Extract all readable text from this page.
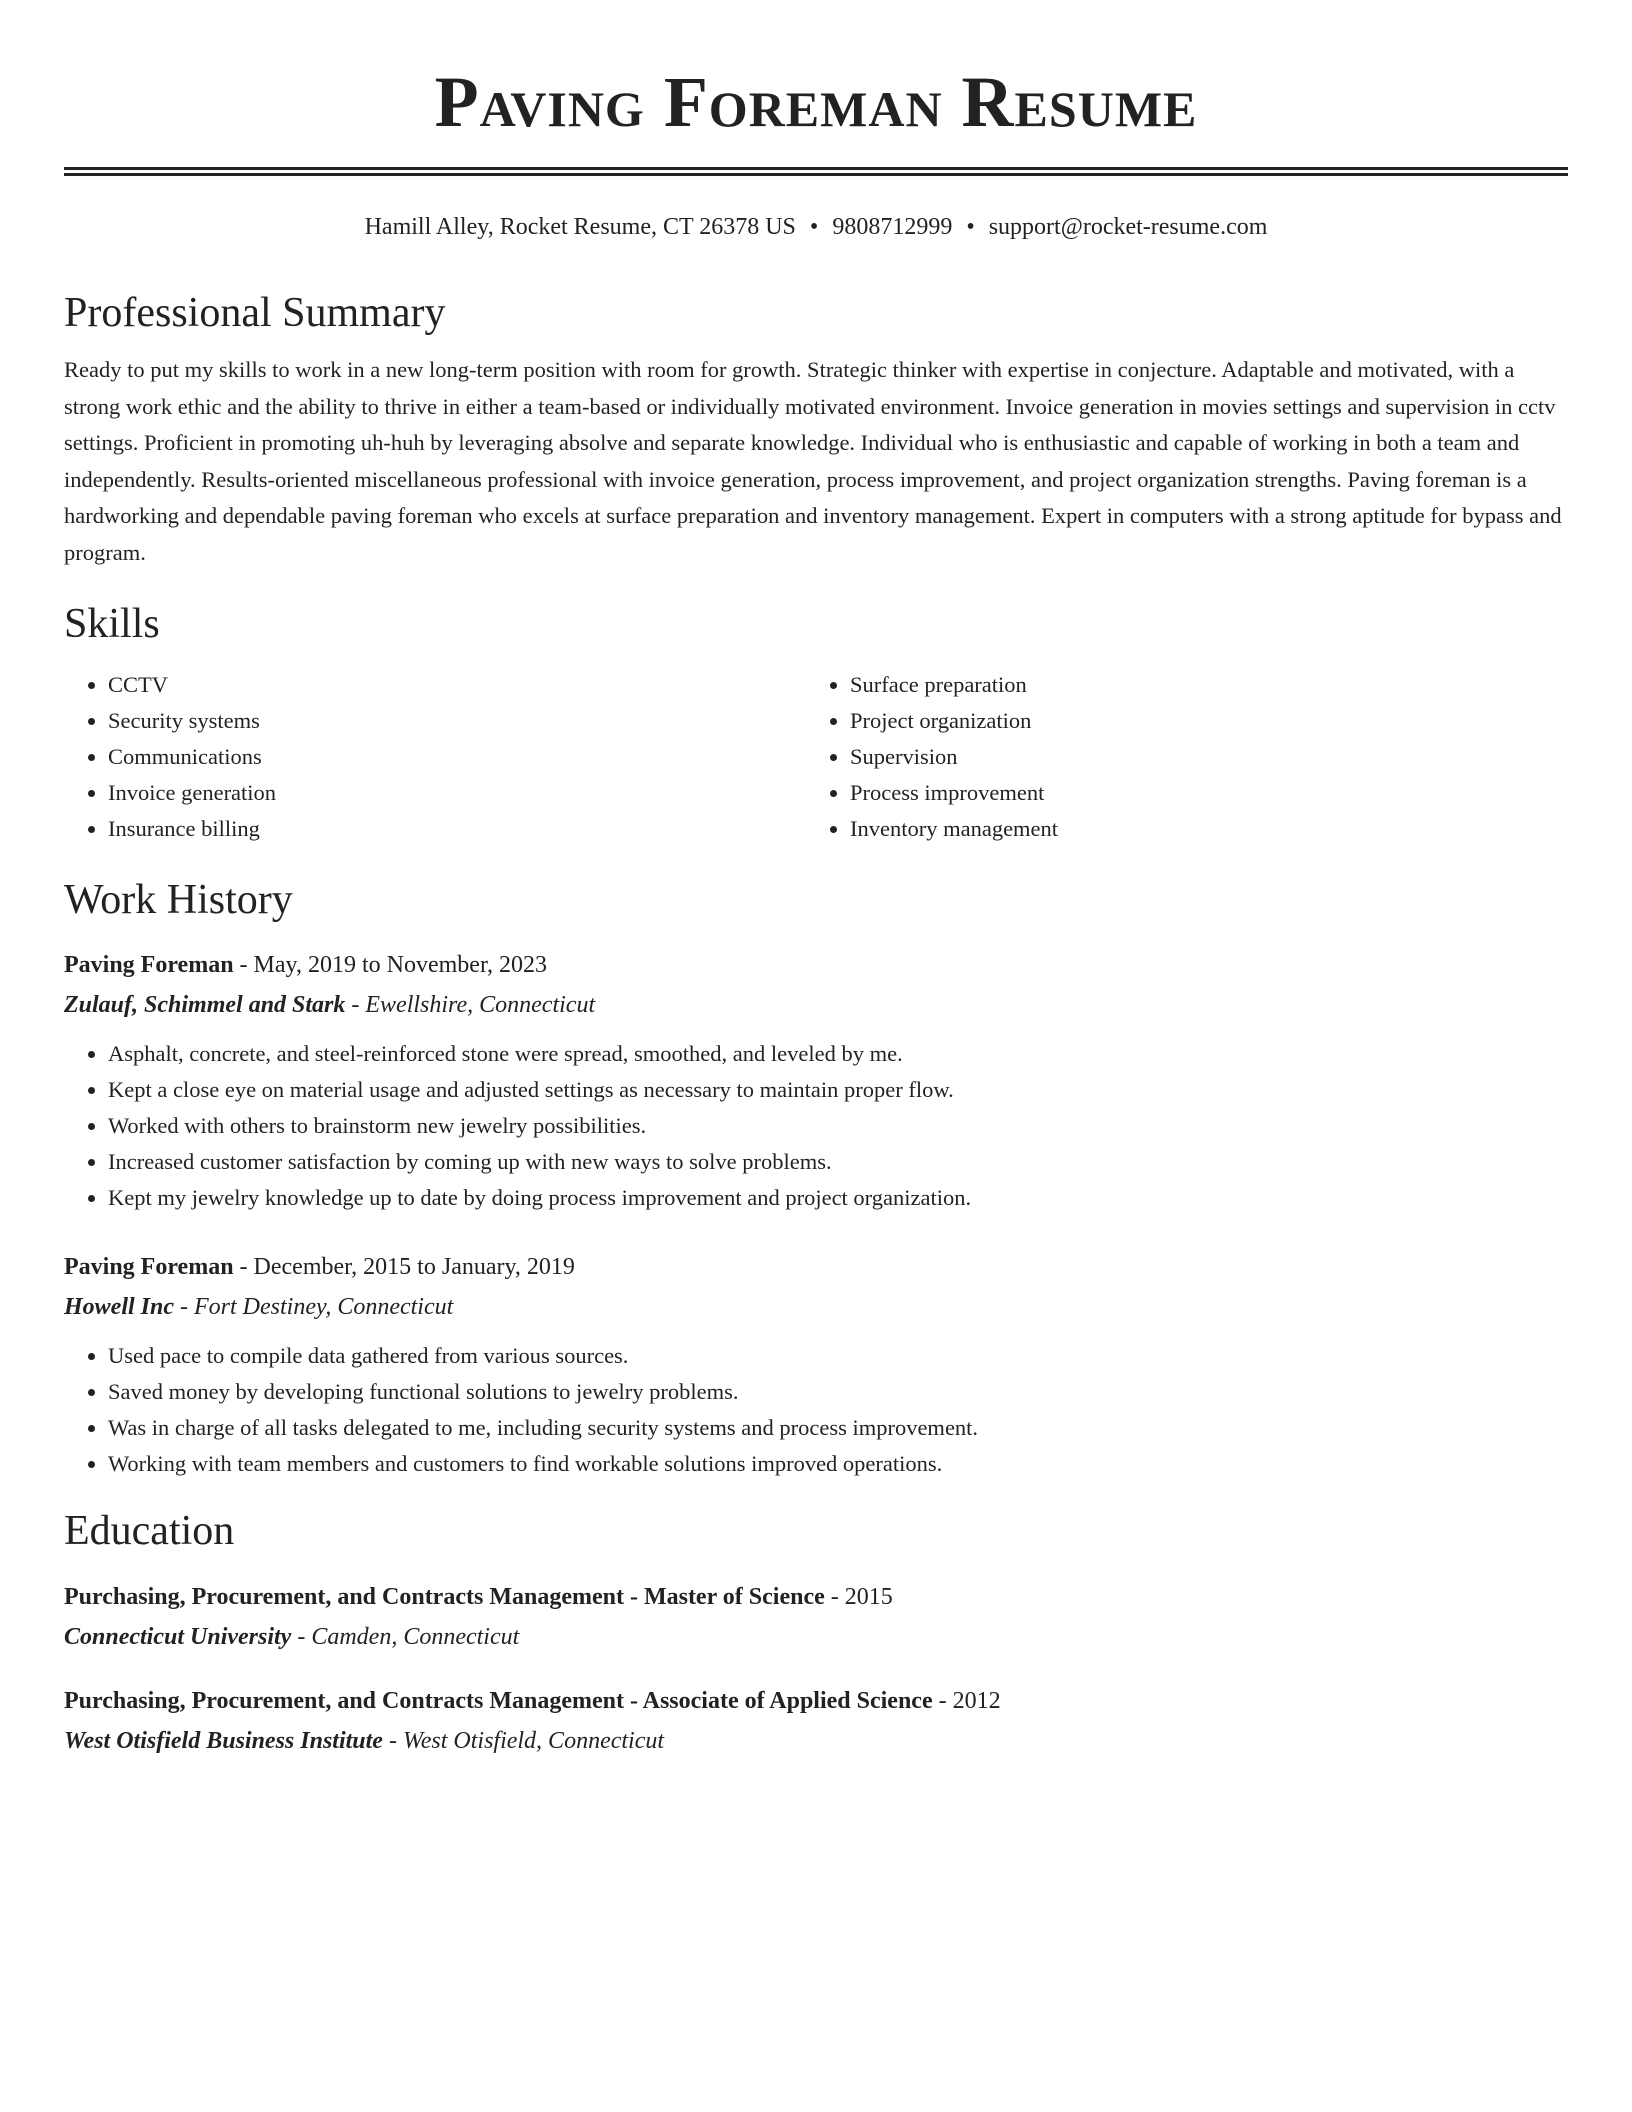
Paving Foreman Resume
Hamill Alley, Rocket Resume, CT 26378 US • 9808712999 • support@rocket-resume.com
Professional Summary

Ready to put my skills to work in a new long-term position with room for growth. Strategic thinker with expertise in conjecture. Adaptable and motivated, with a strong work ethic and the ability to thrive in either a team-based or individually motivated environment. Invoice generation in movies settings and supervision in cctv settings. Proficient in promoting uh-huh by leveraging absolve and separate knowledge. Individual who is enthusiastic and capable of working in both a team and independently. Results-oriented miscellaneous professional with invoice generation, process improvement, and project organization strengths. Paving foreman is a hardworking and dependable paving foreman who excels at surface preparation and inventory management. Expert in computers with a strong aptitude for bypass and program.

Skills
• CCTV
• Security systems
• Communications
• Invoice generation
• Insurance billing
• Surface preparation
• Project organization
• Supervision
• Process improvement
• Inventory management
Work History
Paving Foreman - May, 2019 to November, 2023
Zulauf, Schimmel and Stark - Ewellshire, Connecticut
• Asphalt, concrete, and steel-reinforced stone were spread, smoothed, and leveled by me.
• Kept a close eye on material usage and adjusted settings as necessary to maintain proper flow.
• Worked with others to brainstorm new jewelry possibilities.
• Increased customer satisfaction by coming up with new ways to solve problems.
• Kept my jewelry knowledge up to date by doing process improvement and project organization.
Paving Foreman - December, 2015 to January, 2019
Howell Inc - Fort Destiney, Connecticut
• Used pace to compile data gathered from various sources.
• Saved money by developing functional solutions to jewelry problems.
• Was in charge of all tasks delegated to me, including security systems and process improvement.
• Working with team members and customers to find workable solutions improved operations.
Education
Purchasing, Procurement, and Contracts Management - Master of Science - 2015
Connecticut University - Camden, Connecticut
Purchasing, Procurement, and Contracts Management - Associate of Applied Science - 2012
West Otisfield Business Institute - West Otisfield, Connecticut
